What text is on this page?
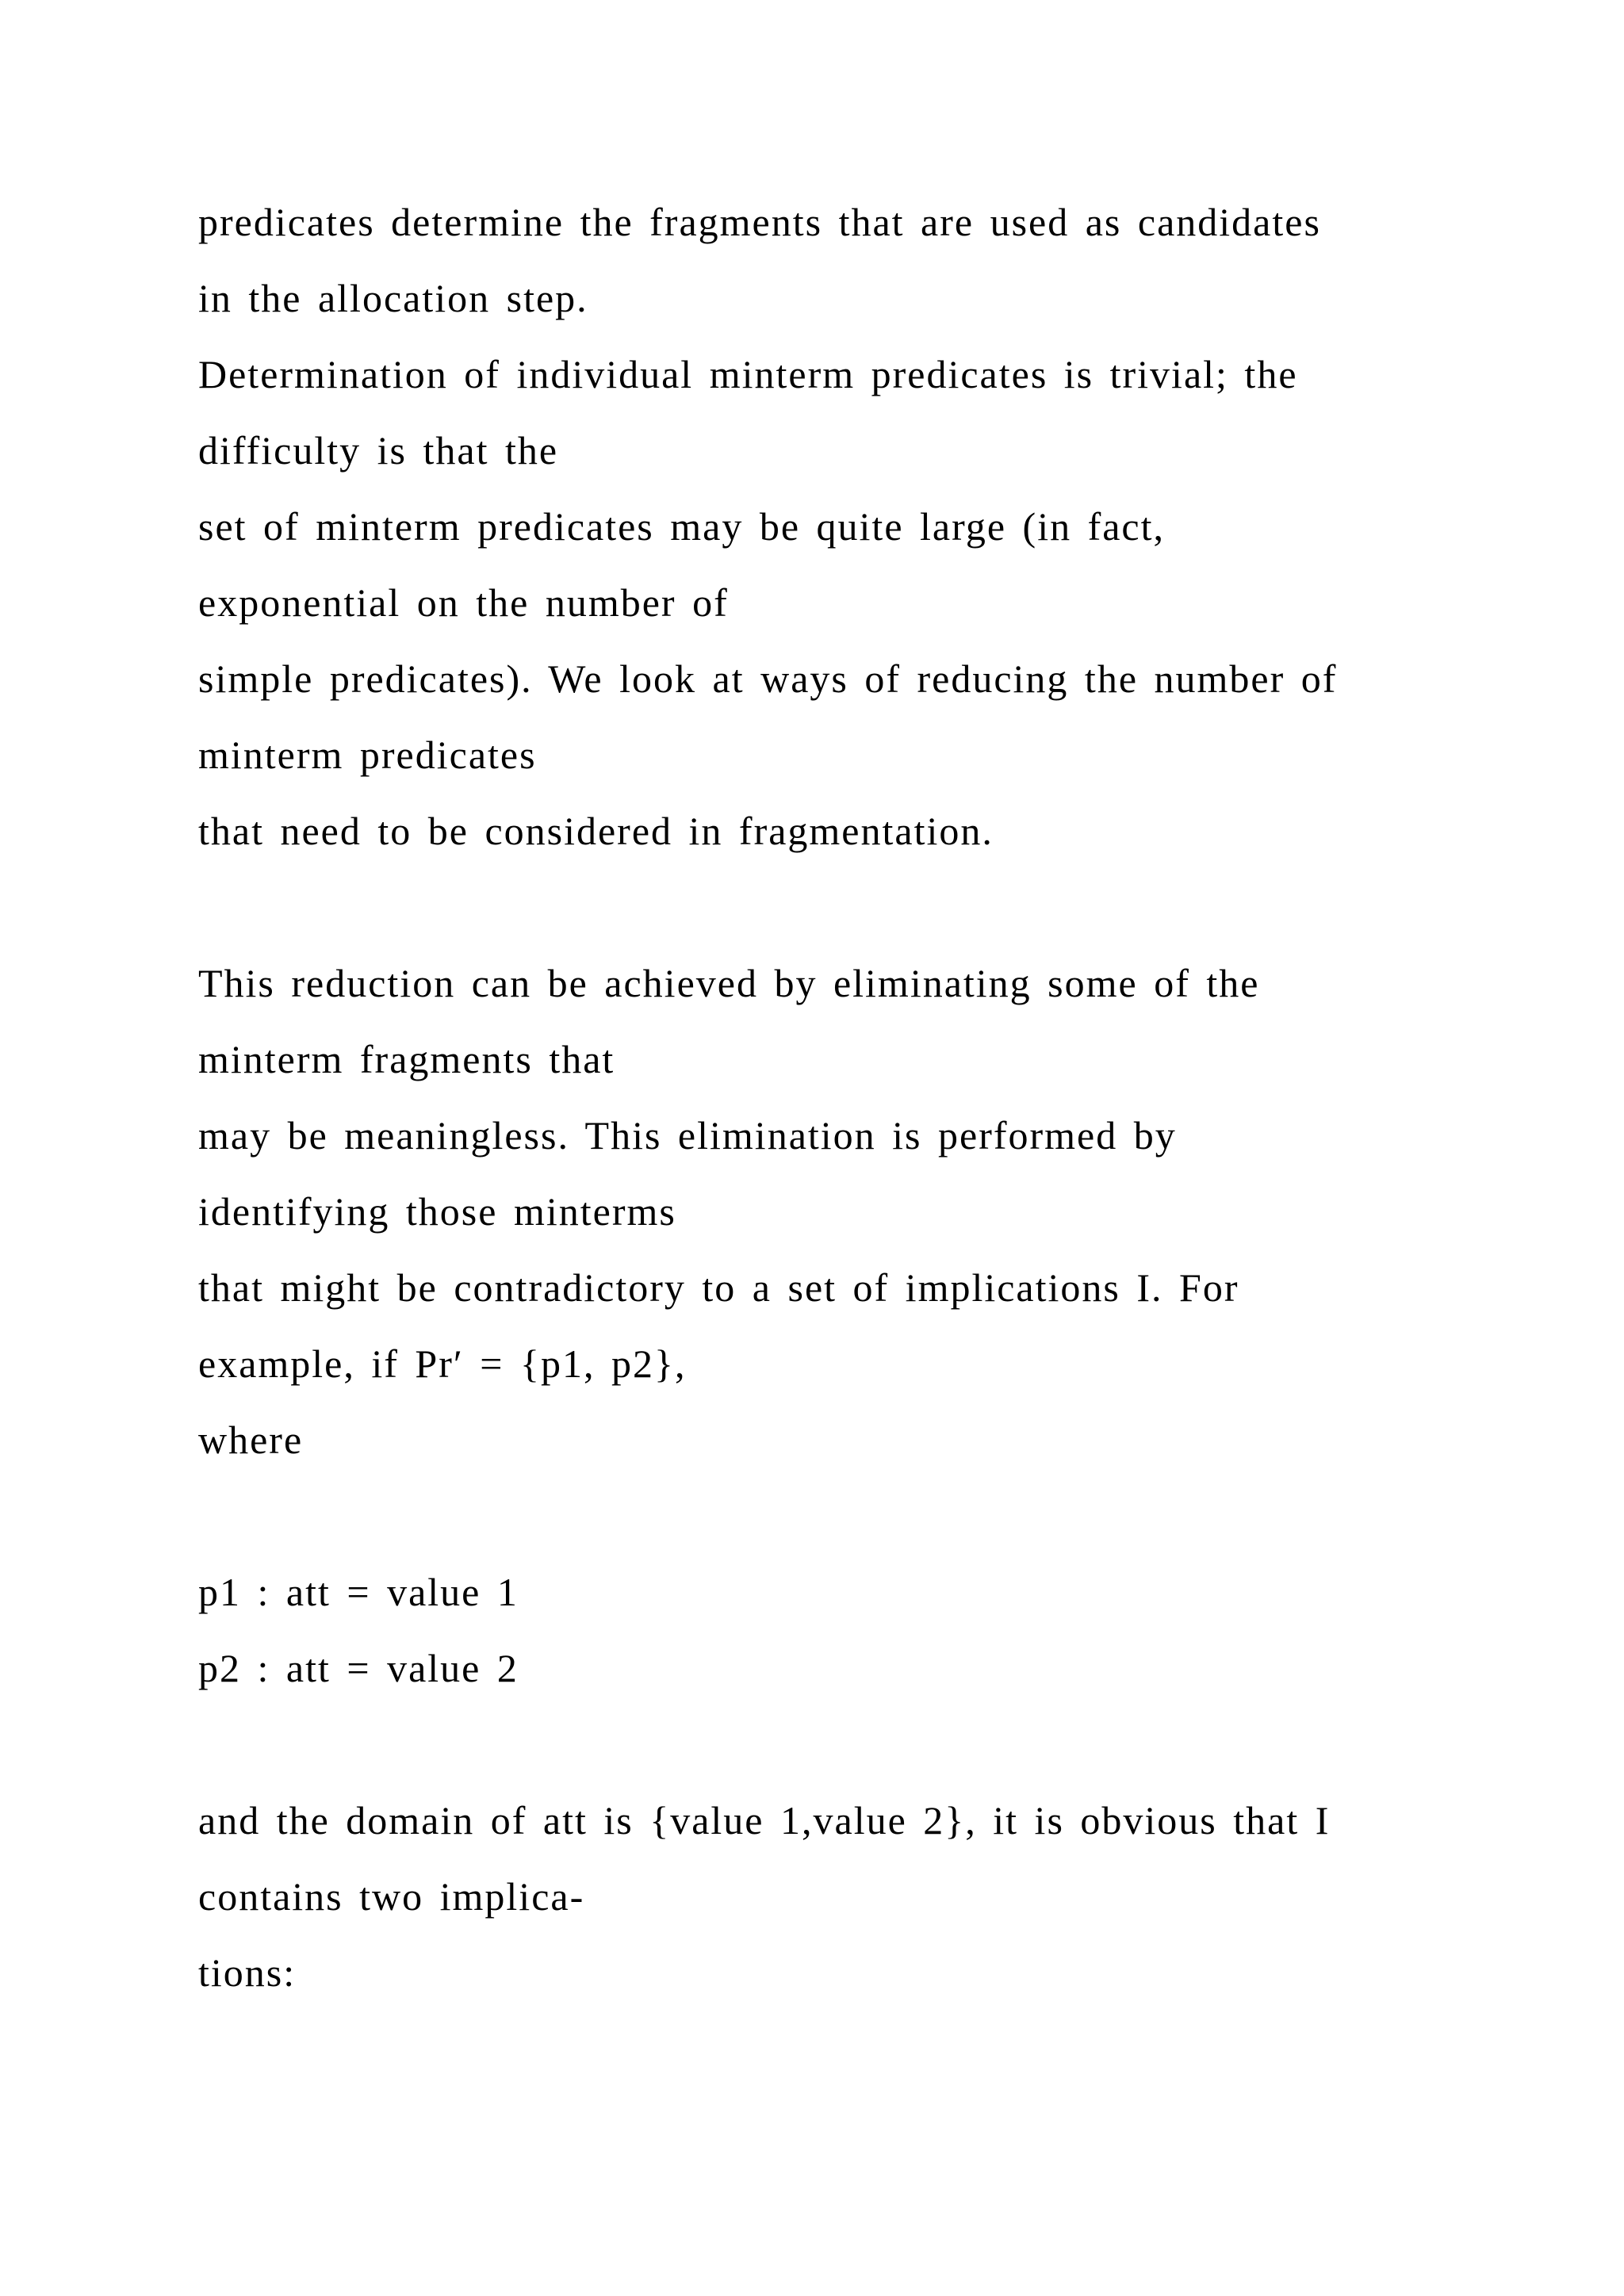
predicates determine the fragments that are used as candidates
in the allocation step.
Determination of individual minterm predicates is trivial; the
difficulty is that the
set of minterm predicates may be quite large (in fact,
exponential on the number of
simple predicates). We look at ways of reducing the number of
minterm predicates
that need to be considered in fragmentation.
This reduction can be achieved by eliminating some of the
minterm fragments that
may be meaningless. This elimination is performed by
identifying those minterms
that might be contradictory to a set of implications I. For
example, if Pr′ = {p1, p2},
where
p1 : att = value 1
p2 : att = value 2
and the domain of att is {value 1,value 2}, it is obvious that I
contains two implica-
tions:
